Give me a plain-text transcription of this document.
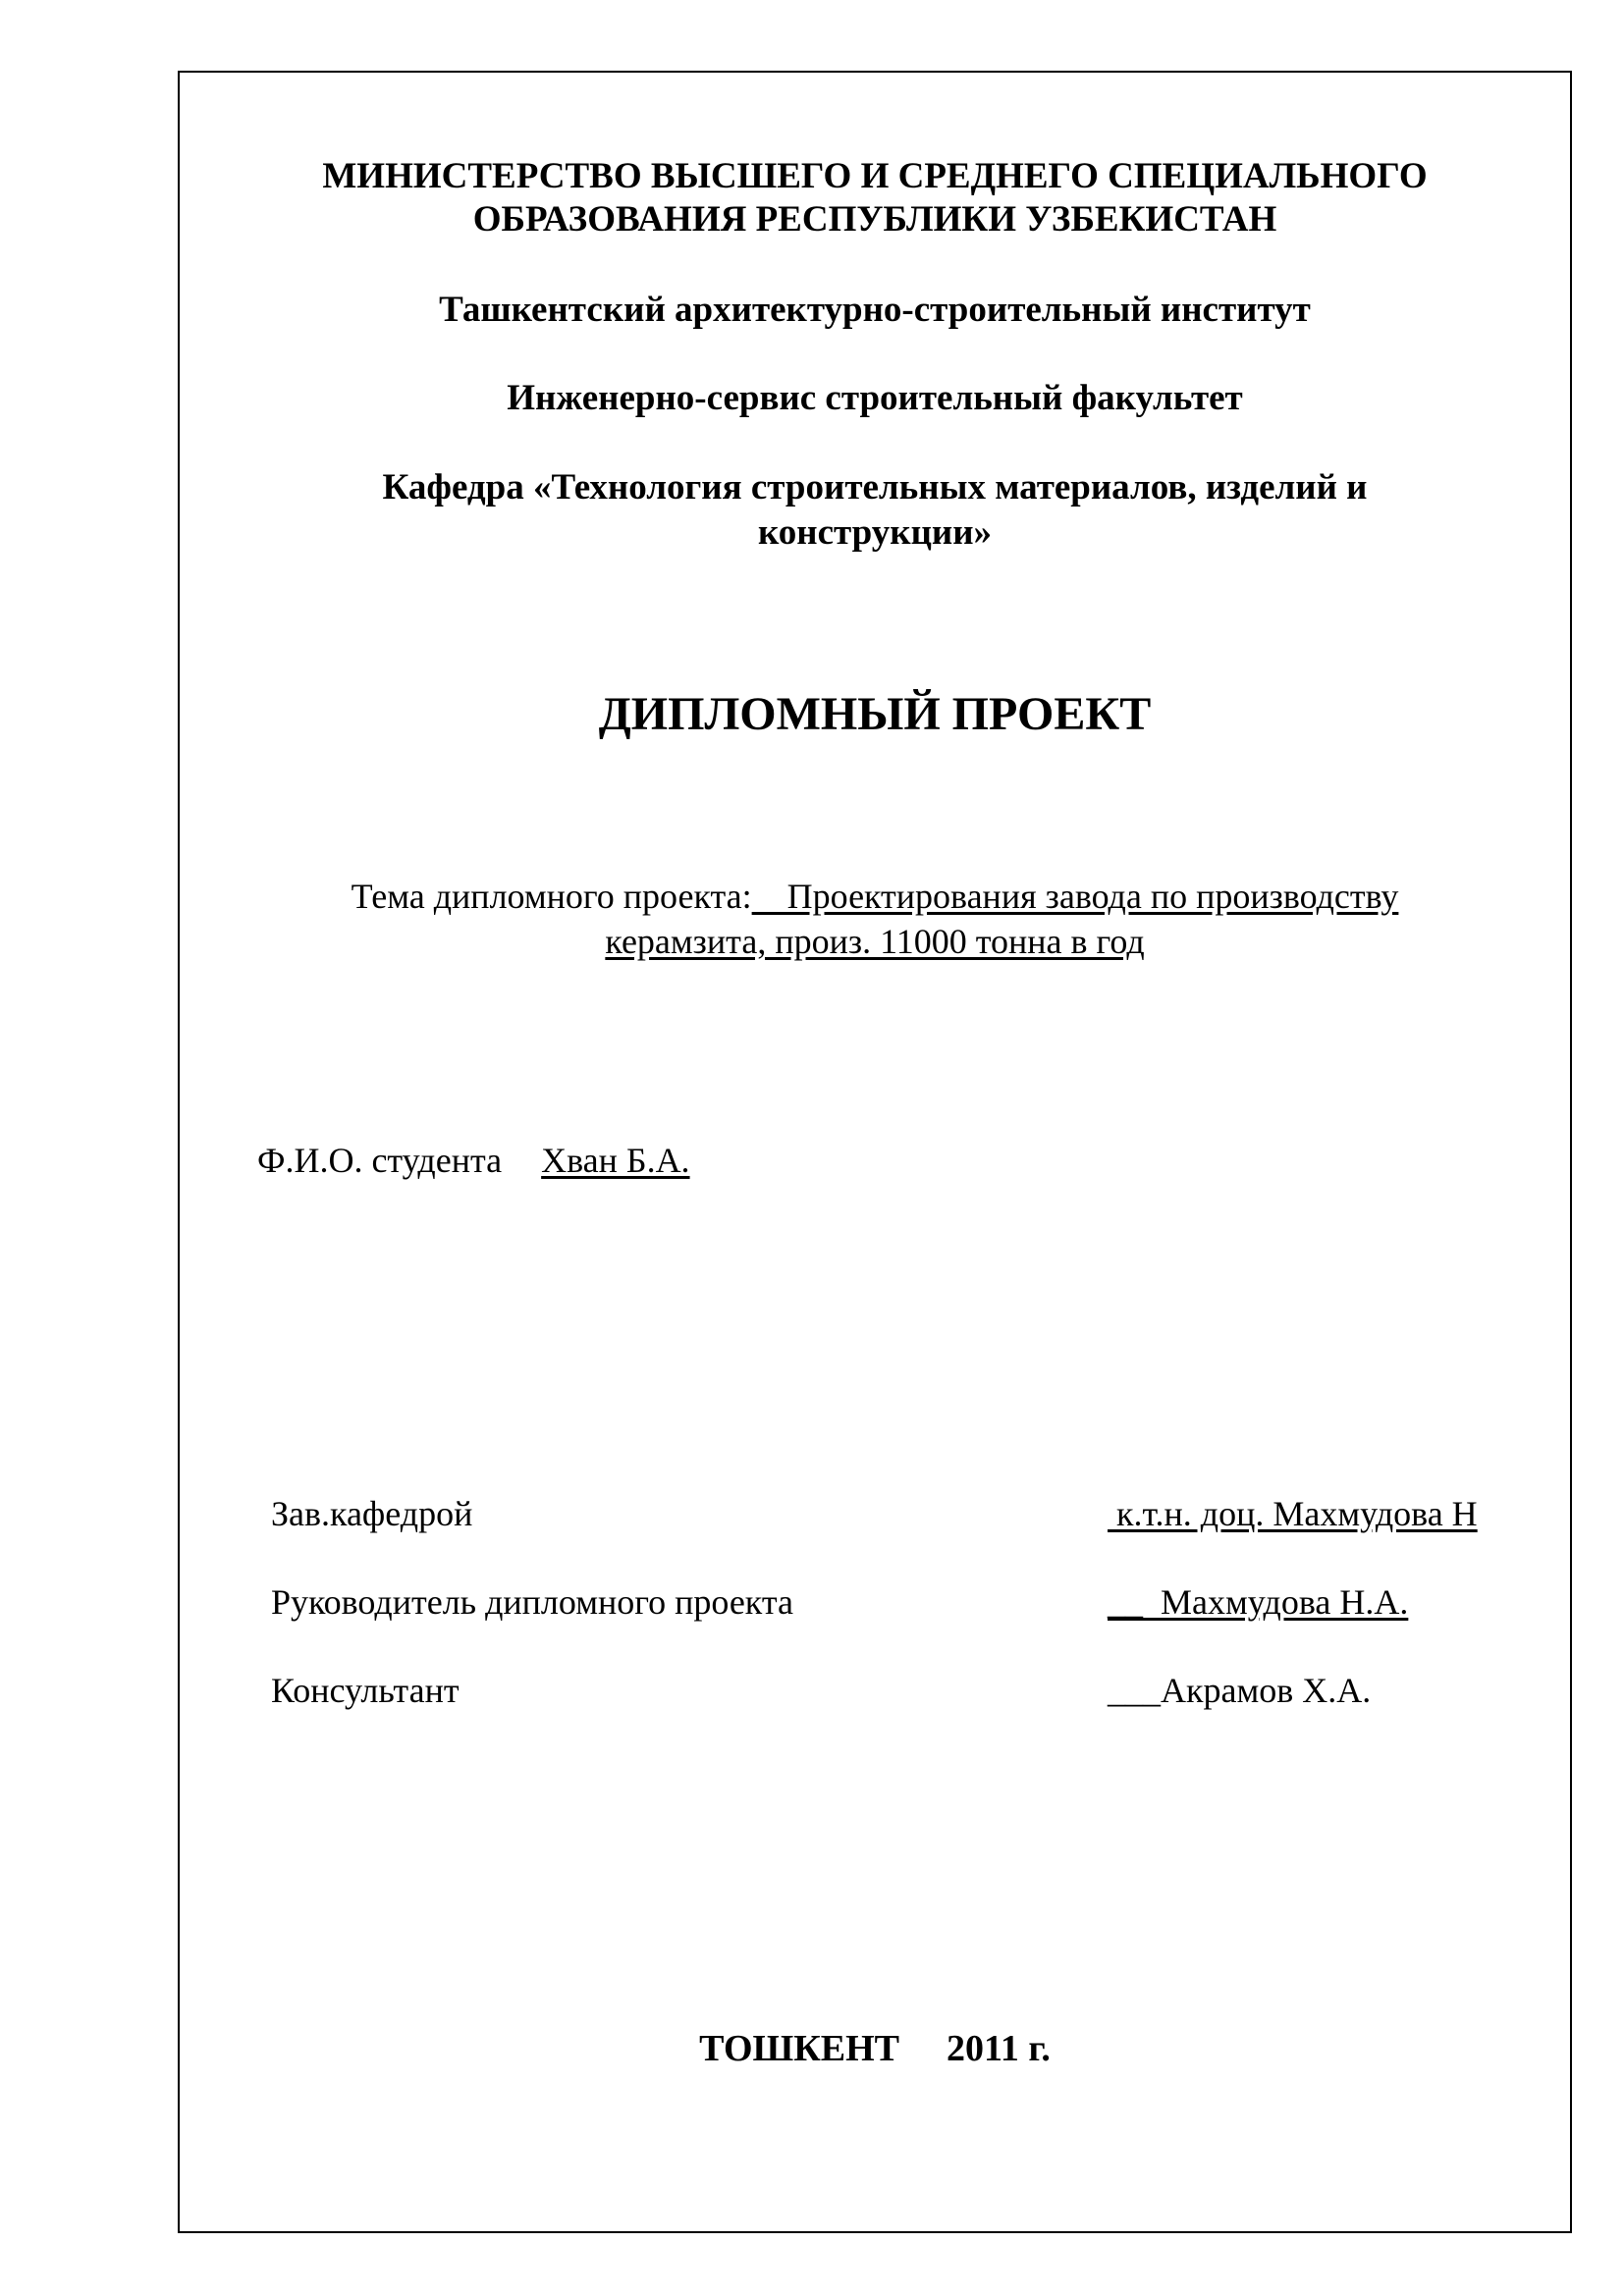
МИНИСТЕРСТВО ВЫСШЕГО И СРЕДНЕГО СПЕЦИАЛЬНОГО
ОБРАЗОВАНИЯ РЕСПУБЛИКИ УЗБЕКИСТАН
Ташкентский архитектурно-строительный институт
Инженерно-сервис строительный факультет
Кафедра «Технология строительных материалов, изделий и
конструкции»
ДИПЛОМНЫЙ ПРОЕКТ
Тема дипломного проекта:    Проектирования завода по производству
керамзита, произ. 11000 тонна в год
Ф.И.О. студента Хван Б.А.
Зав.кафедрой	к.т.н. доц. Махмудова Н
Руководитель дипломного проекта	__  Махмудова Н.А.
Консультант	___Акрамов Х.А.
ТОШКЕНТ 2011 г.
